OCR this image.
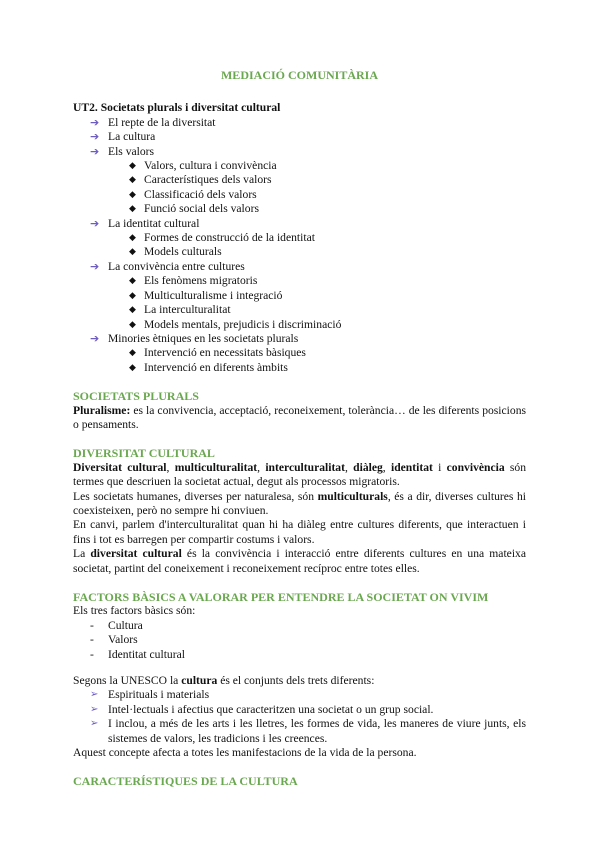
MEDIACIÓ COMUNITÀRIA
UT2. Societats plurals i diversitat cultural
➔ El repte de la diversitat
➔ La cultura
➔ Els valors
◆ Valors, cultura i convivència
◆ Característiques dels valors
◆ Classificació dels valors
◆ Funció social dels valors
➔ La identitat cultural
◆ Formes de construcció de la identitat
◆ Models culturals
➔ La convivència entre cultures
◆ Els fenòmens migratoris
◆ Multiculturalisme i integració
◆ La interculturalitat
◆ Models mentals, prejudicis i discriminació
➔ Minories ètniques en les societats plurals
◆ Intervenció en necessitats bàsiques
◆ Intervenció en diferents àmbits
SOCIETATS PLURALS

Pluralisme: es la convivencia, acceptació, reconeixement, tolerància… de les diferents posicions o pensaments.

DIVERSITAT CULTURAL

Diversitat cultural, multiculturalitat, interculturalitat, diàleg, identitat i convivència són termes que descriuen la societat actual, degut als processos migratoris.

Les societats humanes, diverses per naturalesa, són multiculturals, és a dir, diverses cultures hi coexisteixen, però no sempre hi conviuen.

En canvi, parlem d'interculturalitat quan hi ha diàleg entre cultures diferents, que interactuen i fins i tot es barregen per compartir costums i valors.

La diversitat cultural és la convivència i interacció entre diferents cultures en una mateixa societat, partint del coneixement i reconeixement recíproc entre totes elles.

FACTORS BÀSICS A VALORAR PER ENTENDRE LA SOCIETAT ON VIVIM

Els tres factors bàsics són:

- Cultura
- Valors
- Identitat cultural

Segons la UNESCO la cultura és el conjunts dels trets diferents:

➢ Espirituals i materials
➢ Intel·lectuals i afectius que caracteritzen una societat o un grup social.
➢ I inclou, a més de les arts i les lletres, les formes de vida, les maneres de viure junts, els sistemes de valors, les tradicions i les creences.

Aquest concepte afecta a totes les manifestacions de la vida de la persona.

CARACTERÍSTIQUES DE LA CULTURA
